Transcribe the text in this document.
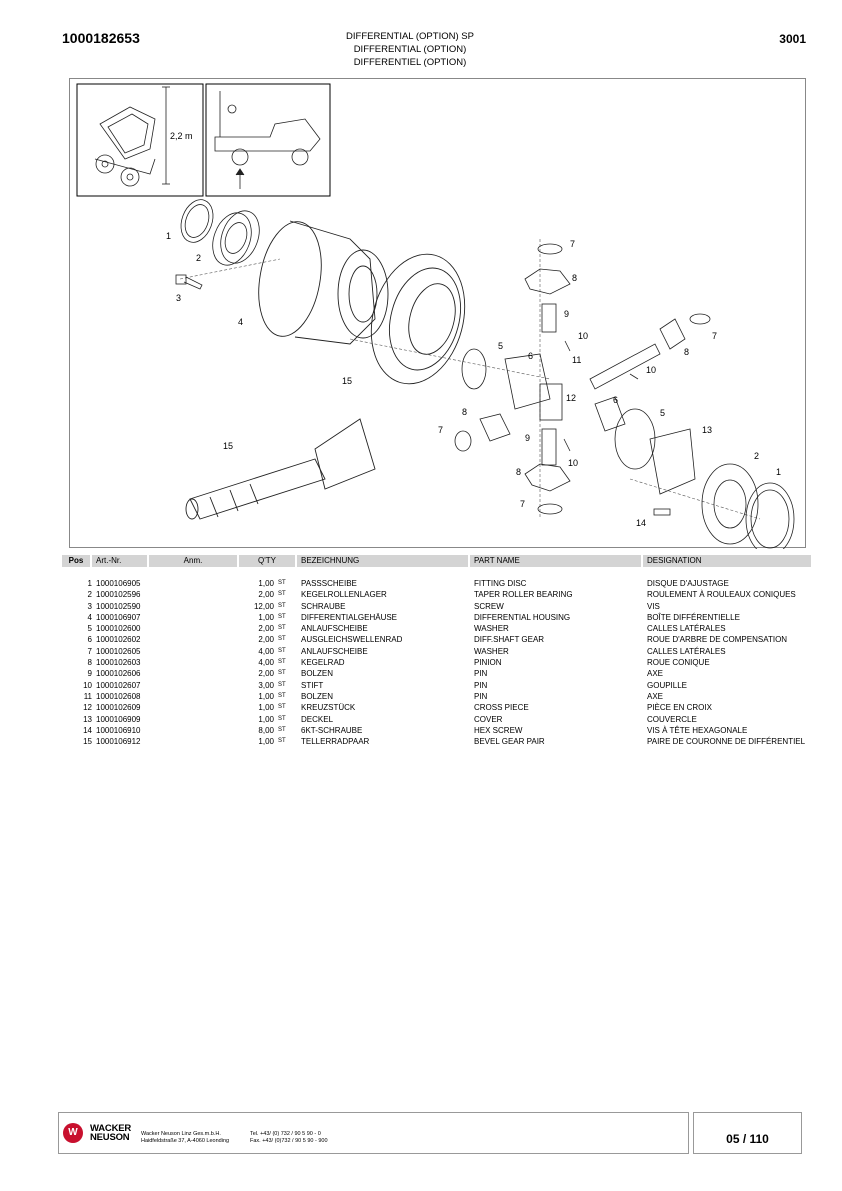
1000182653	DIFFERENTIAL (OPTION) SP
DIFFERENTIAL (OPTION)
DIFFERENTIEL (OPTION)
3001
2,2 m
1
2
3
4
15
15
7
8
9
10
11
10
7
8
5
6
12	6
5
8
7
9
10
13
2
1
8
7
14
Pos	Art.-Nr.	Anm.	Q'TY	BEZEICHNUNG	PART NAME	DESIGNATION
1 1000106905	1,00 ST PASSSCHEIBE	FITTING DISC	DISQUE D'AJUSTAGE
2 1000102596	2,00 ST KEGELROLLENLAGER	TAPER ROLLER BEARING	ROULEMENT À ROULEAUX CONIQUES
3 1000102590	12,00 ST SCHRAUBE	SCREW	VIS
4 1000106907	1,00 ST DIFFERENTIALGEHÄUSE	DIFFERENTIAL HOUSING	BOÎTE DIFFÉRENTIELLE
5 1000102600	2,00 ST ANLAUFSCHEIBE	WASHER	CALLES LATÉRALES
6 1000102602	2,00 ST AUSGLEICHSWELLENRAD	DIFF.SHAFT GEAR	ROUE D'ARBRE DE COMPENSATION
7 1000102605	4,00 ST ANLAUFSCHEIBE	WASHER	CALLES LATÉRALES
8 1000102603	4,00 ST KEGELRAD	PINION	ROUE CONIQUE
9 1000102606	2,00 ST BOLZEN	PIN	AXE
10 1000102607	3,00 ST STIFT	PIN	GOUPILLE
11 1000102608	1,00 ST BOLZEN	PIN	AXE
12 1000102609	1,00 ST KREUZSTÜCK	CROSS PIECE	PIÈCE EN CROIX
13 1000106909	1,00 ST DECKEL	COVER	COUVERCLE
14 1000106910	8,00 ST 6KT-SCHRAUBE	HEX SCREW	VIS À TÊTE HEXAGONALE
15 1000106912	1,00 ST TELLERRADPAAR	BEVEL GEAR PAIR	PAIRE DE COURONNE DE DIFFÉRENTIEL
W	WACKER
NEUSON Wacker Neuson Linz Ges.m.b.H.
Haidfeldstraße 37, A-4060 Leonding
Tel. +43/ (0) 732 / 90 5 90 - 0
Fax. +43/ (0)732 / 90 5 90 - 900	05 / 110
